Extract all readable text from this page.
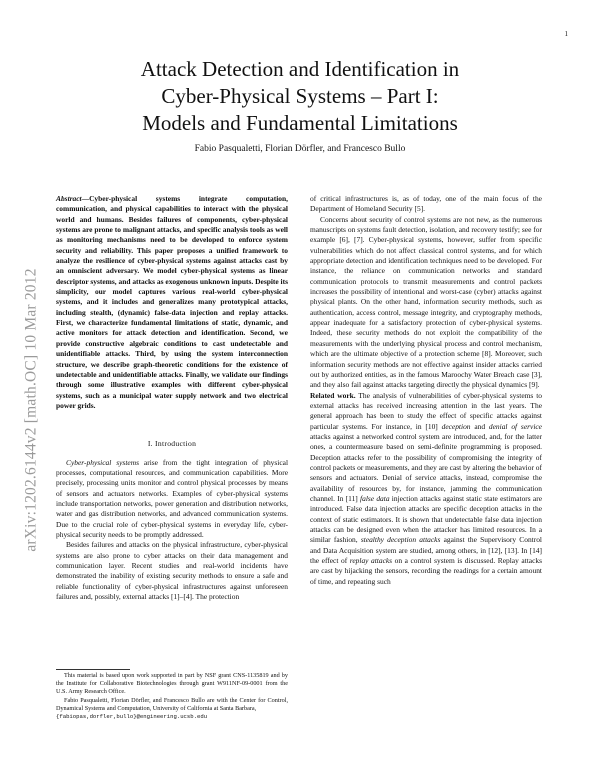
1
arXiv:1202.6144v2 [math.OC] 10 Mar 2012
Attack Detection and Identification in
Cyber-Physical Systems – Part I:
Models and Fundamental Limitations
Fabio Pasqualetti, Florian Dörfler, and Francesco Bullo

Abstract—Cyber-physical systems integrate computation, communication, and physical capabilities to interact with the physical world and humans. Besides failures of components, cyber-physical systems are prone to malignant attacks, and specific analysis tools as well as monitoring mechanisms need to be developed to enforce system security and reliability. This paper proposes a unified framework to analyze the resilience of cyber-physical systems against attacks cast by an omniscient adversary. We model cyber-physical systems as linear descriptor systems, and attacks as exogenous unknown inputs. Despite its simplicity, our model captures various real-world cyber-physical systems, and it includes and generalizes many prototypical attacks, including stealth, (dynamic) false-data injection and replay attacks. First, we characterize fundamental limitations of static, dynamic, and active monitors for attack detection and identification. Second, we provide constructive algebraic conditions to cast undetectable and unidentifiable attacks. Third, by using the system interconnection structure, we describe graph-theoretic conditions for the existence of undetectable and unidentifiable attacks. Finally, we validate our findings through some illustrative examples with different cyber-physical systems, such as a municipal water supply network and two electrical power grids.

I. Introduction

Cyber-physical systems arise from the tight integration of physical processes, computational resources, and communication capabilities. More precisely, processing units monitor and control physical processes by means of sensors and actuators networks. Examples of cyber-physical systems include transportation networks, power generation and distribution networks, water and gas distribution networks, and advanced communication systems. Due to the crucial role of cyber-physical systems in everyday life, cyber-physical security needs to be promptly addressed.

Besides failures and attacks on the physical infrastructure, cyber-physical systems are also prone to cyber attacks on their data management and communication layer. Recent studies and real-world incidents have demonstrated the inability of existing security methods to ensure a safe and reliable functionality of cyber-physical infrastructures against unforeseen failures and, possibly, external attacks [1]–[4]. The protection

This material is based upon work supported in part by NSF grant CNS-1135819 and by the Institute for Collaborative Biotechnologies through grant W911NF-09-0001 from the U.S. Army Research Office.

Fabio Pasqualetti, Florian Dörfler, and Francesco Bullo are with the Center for Control, Dynamical Systems and Computation, University of California at Santa Barbara,

{fabiopas,dorfler,bullo}@engineering.ucsb.edu

of critical infrastructures is, as of today, one of the main focus of the Department of Homeland Security [5].

Concerns about security of control systems are not new, as the numerous manuscripts on systems fault detection, isolation, and recovery testify; see for example [6], [7]. Cyber-physical systems, however, suffer from specific vulnerabilities which do not affect classical control systems, and for which appropriate detection and identification techniques need to be developed. For instance, the reliance on communication networks and standard communication protocols to transmit measurements and control packets increases the possibility of intentional and worst-case (cyber) attacks against physical plants. On the other hand, information security methods, such as authentication, access control, message integrity, and cryptography methods, appear inadequate for a satisfactory protection of cyber-physical systems. Indeed, these security methods do not exploit the compatibility of the measurements with the underlying physical process and control mechanism, which are the ultimate objective of a protection scheme [8]. Moreover, such information security methods are not effective against insider attacks carried out by authorized entities, as in the famous Maroochy Water Breach case [3], and they also fail against attacks targeting directly the physical dynamics [9].

Related work. The analysis of vulnerabilities of cyber-physical systems to external attacks has received increasing attention in the last years. The general approach has been to study the effect of specific attacks against particular systems. For instance, in [10] deception and denial of service attacks against a networked control system are introduced, and, for the latter ones, a countermeasure based on semi-definite programming is proposed. Deception attacks refer to the possibility of compromising the integrity of control packets or measurements, and they are cast by altering the behavior of sensors and actuators. Denial of service attacks, instead, compromise the availability of resources by, for instance, jamming the communication channel. In [11] false data injection attacks against static state estimators are introduced. False data injection attacks are specific deception attacks in the context of static estimators. It is shown that undetectable false data injection attacks can be designed even when the attacker has limited resources. In a similar fashion, stealthy deception attacks against the Supervisory Control and Data Acquisition system are studied, among others, in [12], [13]. In [14] the effect of replay attacks on a control system is discussed. Replay attacks are cast by hijacking the sensors, recording the readings for a certain amount of time, and repeating such
